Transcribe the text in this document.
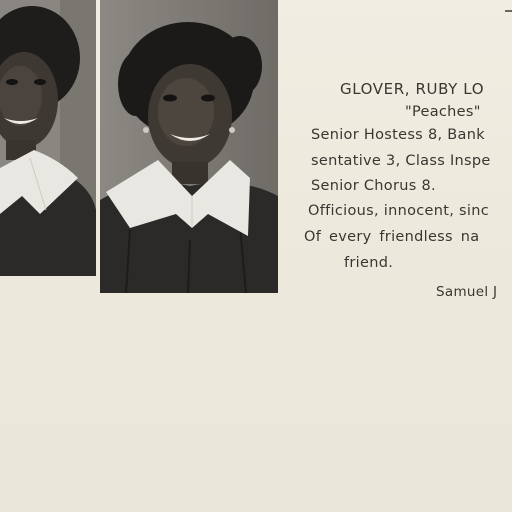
GLOVER, RUBY LO
"Peaches"
Senior Hostess 8, Bank
sentative 3, Class Inspe
Senior Chorus 8.
Officious, innocent, sinc
Of every friendless na
friend.
Samuel J
